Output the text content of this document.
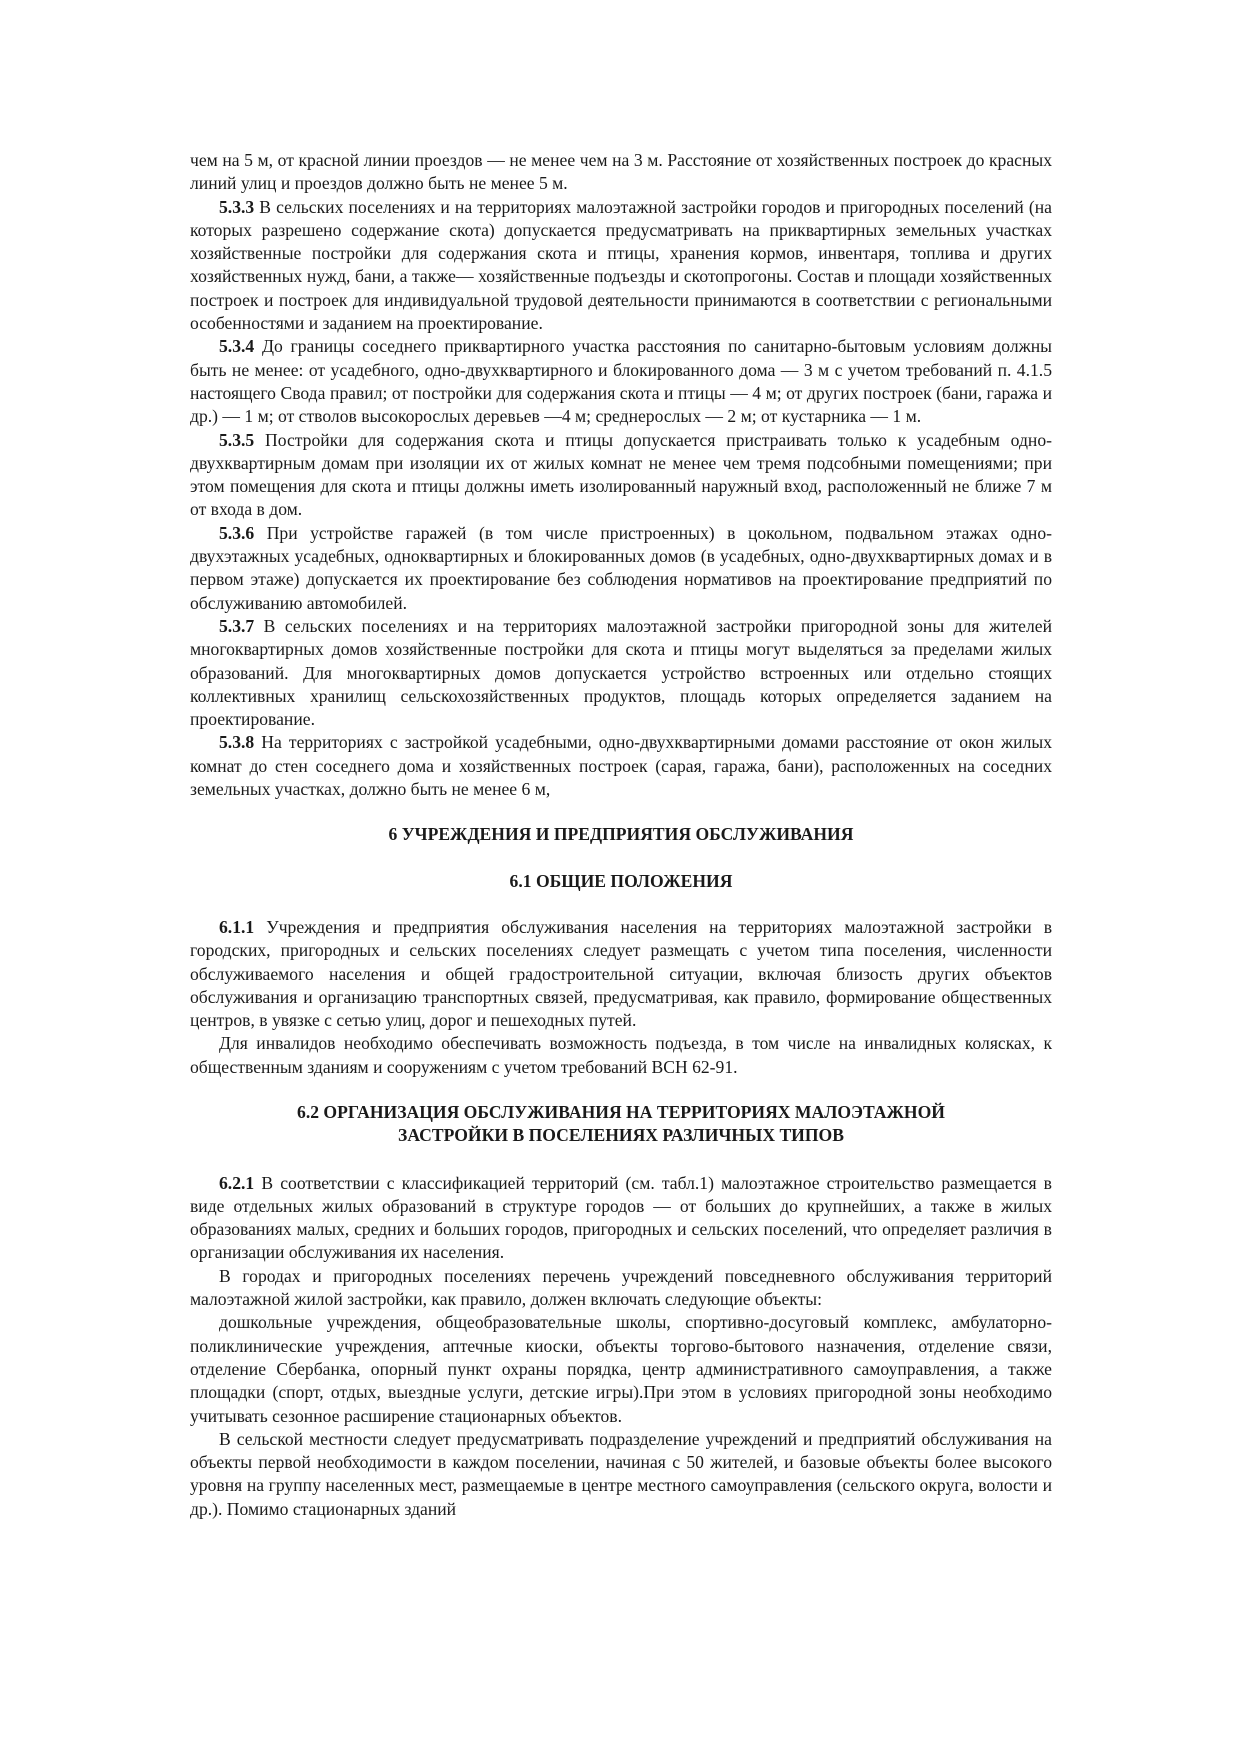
чем на 5 м, от красной линии проездов — не менее чем на 3 м. Расстояние от хозяйственных построек до красных линий улиц и проездов должно быть не менее 5 м.

5.3.3 В сельских поселениях и на территориях малоэтажной застройки городов и пригородных поселений (на которых разрешено содержание скота) допускается предусматривать на приквартирных земельных участках хозяйственные постройки для содержания скота и птицы, хранения кормов, инвентаря, топлива и других хозяйственных нужд, бани, а также— хозяйственные подъезды и скотопрогоны. Состав и площади хозяйственных построек и построек для индивидуальной трудовой деятельности принимаются в соответствии с региональными особенностями и заданием на проектирование.

5.3.4 До границы соседнего приквартирного участка расстояния по санитарно-бытовым условиям должны быть не менее: от усадебного, одно-двухквартирного и блокированного дома — 3 м с учетом требований п. 4.1.5 настоящего Свода правил; от постройки для содержания скота и птицы — 4 м; от других построек (бани, гаража и др.) — 1 м; от стволов высокорослых деревьев —4 м; среднерослых — 2 м; от кустарника — 1 м.

5.3.5 Постройки для содержания скота и птицы допускается пристраивать только к усадебным одно-двухквартирным домам при изоляции их от жилых комнат не менее чем тремя подсобными помещениями; при этом помещения для скота и птицы должны иметь изолированный наружный вход, расположенный не ближе 7 м от входа в дом.

5.3.6 При устройстве гаражей (в том числе пристроенных) в цокольном, подвальном этажах одно-двухэтажных усадебных, одноквартирных и блокированных домов (в усадебных, одно-двухквартирных домах и в первом этаже) допускается их проектирование без соблюдения нормативов на проектирование предприятий по обслуживанию автомобилей.

5.3.7 В сельских поселениях и на территориях малоэтажной застройки пригородной зоны для жителей многоквартирных домов хозяйственные постройки для скота и птицы могут выделяться за пределами жилых образований. Для многоквартирных домов допускается устройство встроенных или отдельно стоящих коллективных хранилищ сельскохозяйственных продуктов, площадь которых определяется заданием на проектирование.

5.3.8 На территориях с застройкой усадебными, одно-двухквартирными домами расстояние от окон жилых комнат до стен соседнего дома и хозяйственных построек (сарая, гаража, бани), расположенных на соседних земельных участках, должно быть не менее 6 м,

6 УЧРЕЖДЕНИЯ И ПРЕДПРИЯТИЯ ОБСЛУЖИВАНИЯ
6.1 ОБЩИЕ ПОЛОЖЕНИЯ

6.1.1 Учреждения и предприятия обслуживания населения на территориях малоэтажной застройки в городских, пригородных и сельских поселениях следует размещать с учетом типа поселения, численности обслуживаемого населения и общей градостроительной ситуации, включая близость других объектов обслуживания и организацию транспортных связей, предусматривая, как правило, формирование общественных центров, в увязке с сетью улиц, дорог и пешеходных путей.

Для инвалидов необходимо обеспечивать возможность подъезда, в том числе на инвалидных колясках, к общественным зданиям и сооружениям с учетом требований ВСН 62-91.

6.2 ОРГАНИЗАЦИЯ ОБСЛУЖИВАНИЯ НА ТЕРРИТОРИЯХ МАЛОЭТАЖНОЙ
ЗАСТРОЙКИ В ПОСЕЛЕНИЯХ РАЗЛИЧНЫХ ТИПОВ

6.2.1 В соответствии с классификацией территорий (см. табл.1) малоэтажное строительство размещается в виде отдельных жилых образований в структуре городов — от больших до крупнейших, а также в жилых образованиях малых, средних и больших городов, пригородных и сельских поселений, что определяет различия в организации обслуживания их населения.

В городах и пригородных поселениях перечень учреждений повседневного обслуживания территорий малоэтажной жилой застройки, как правило, должен включать следующие объекты:

дошкольные учреждения, общеобразовательные школы, спортивно-досуговый комплекс, амбулаторно-поликлинические учреждения, аптечные киоски, объекты торгово-бытового назначения, отделение связи, отделение Сбербанка, опорный пункт охраны порядка, центр административного самоуправления, а также площадки (спорт, отдых, выездные услуги, детские игры).При этом в условиях пригородной зоны необходимо учитывать сезонное расширение стационарных объектов.

В сельской местности следует предусматривать подразделение учреждений и предприятий обслуживания на объекты первой необходимости в каждом поселении, начиная с 50 жителей, и базовые объекты более высокого уровня на группу населенных мест, размещаемые в центре местного самоуправления (сельского округа, волости и др.). Помимо стационарных зданий
